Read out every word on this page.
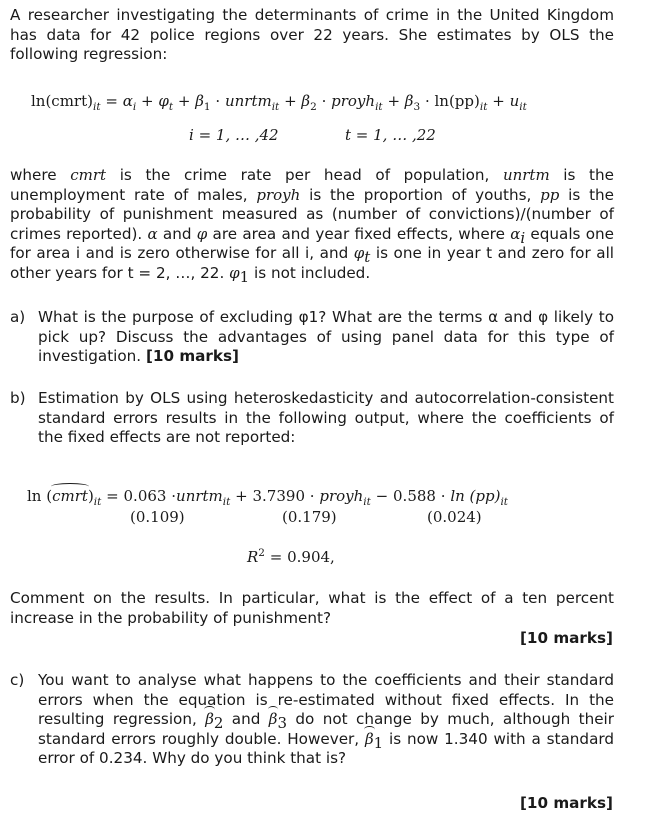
A researcher investigating the determinants of crime in the United Kingdom has data for 42 police regions over 22 years. She estimates by OLS the following regression:
$\ln(cmrt)_{it} = \alpha_i + \varphi_t + \beta_1$ · unrtm$_{it}$ + $\beta_2$ · proyh$_{it}$ + $\beta_3 \cdot \ln(pp)_{it} + u_{it}$
i = 1, … ,42	t = 1, … ,22
where cmrt is the crime rate per head of population, unrtm is the unemployment rate of males, proyh is the proportion of youths, pp is the probability of punishment measured as (number of convictions)/(number of crimes reported). α and φ are area and year fixed effects, where $\alpha_i$ equals one for area i and is zero otherwise for all i, and $\varphi_t$ is one in year t and zero for all other years for t = 2, …, 22. $\varphi_1$ is not included.
a) What is the purpose of excluding φ1? What are the terms α and φ likely to pick up? Discuss the advantages of using panel data for this type of investigation. [10 marks]
b) Estimation by OLS using heteroskedasticity and autocorrelation-consistent standard errors results in the following output, where the coefficients of the fixed effects are not reported:
$\ln (cmrt)_{it} = 0.063$ ·unrtm$_{it}$ + 3.7390 · proyh$_{it}$ − $0.588 \cdot \ln (pp)_{it}$
(0.109)	(0.179)	(0.024)
$R^2 = 0.904$,
Comment on the results. In particular, what is the effect of a ten percent increase in the probability of punishment?
[10 marks]
c) You want to analyse what happens to the coefficients and their standard errors when the equation is re-estimated without fixed effects. In the resulting regression, $\beta_2$ and $\beta_3$ do not change by much, although their standard errors roughly double. However, $\beta_1$ is now 1.340 with a standard error of 0.234. Why do you think that is?
[10 marks]
